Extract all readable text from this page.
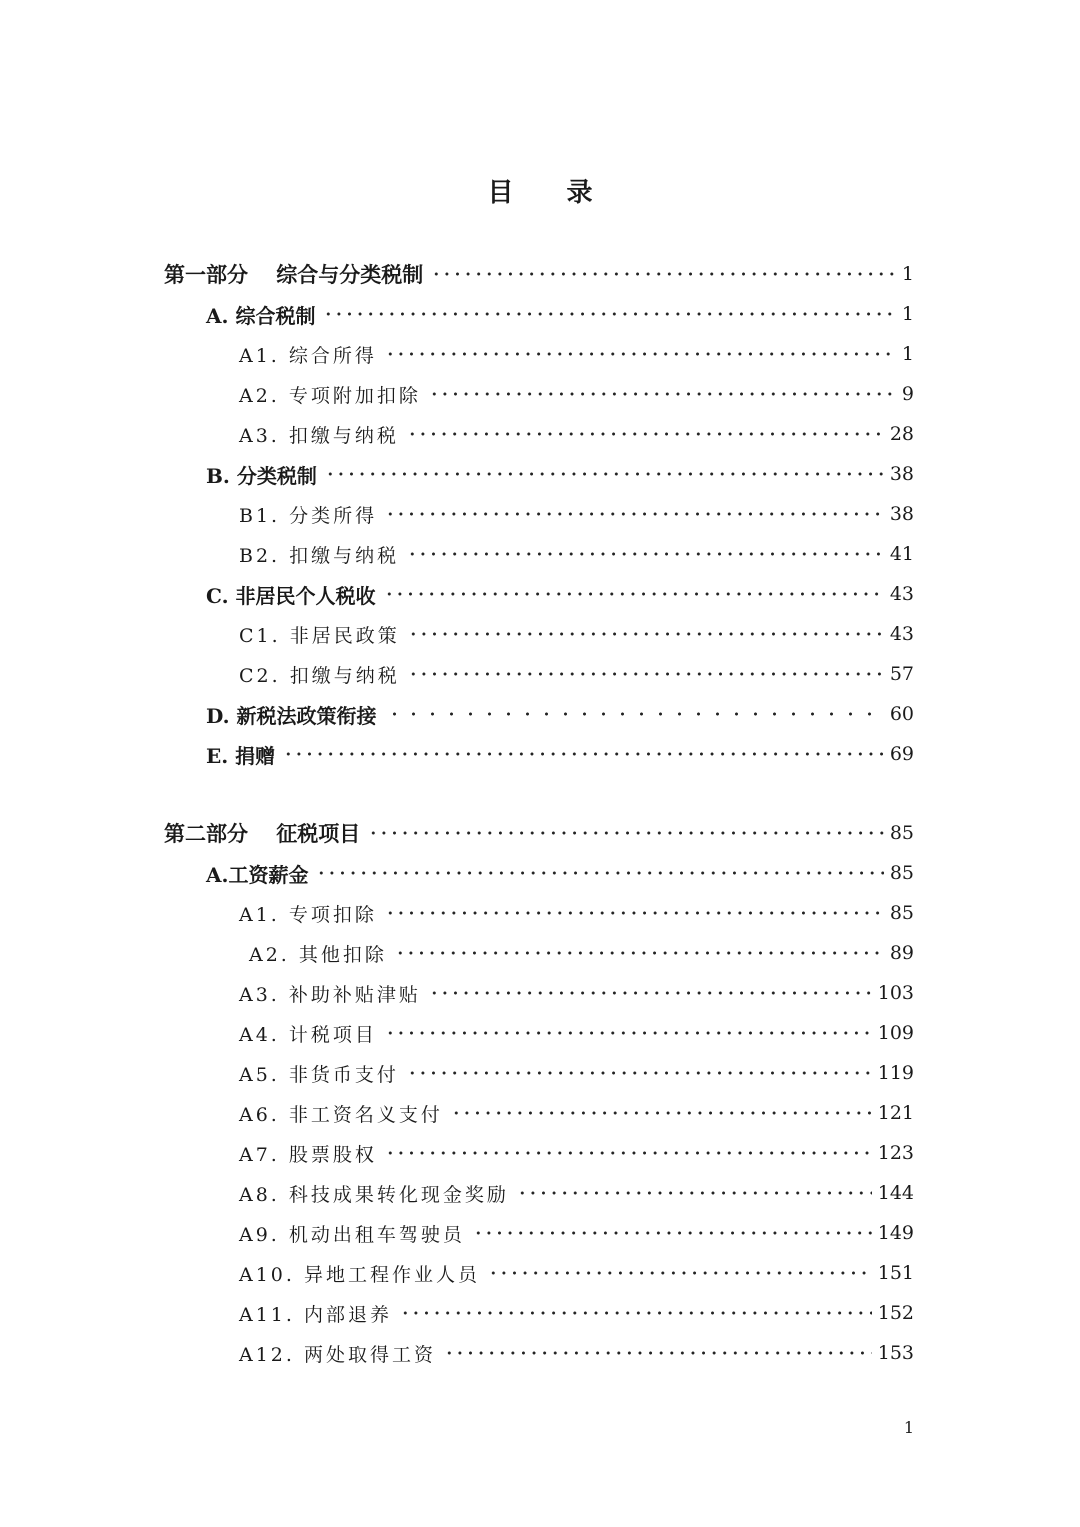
目 录
第一部分　 综合与分类税制	1
A. 综合税制	1
A1. 综合所得	1
A2. 专项附加扣除	9
A3. 扣缴与纳税	28
B. 分类税制	38
B1. 分类所得	38
B2. 扣缴与纳税	41
C. 非居民个人税收	43
C1. 非居民政策	43
C2. 扣缴与纳税	57
D. 新税法政策衔接	60
E. 捐赠	69
第二部分　 征税项目	85
A.工资薪金	85
A1. 专项扣除	85
A2. 其他扣除	89
A3. 补助补贴津贴	103
A4. 计税项目	109
A5. 非货币支付	119
A6. 非工资名义支付	121
A7. 股票股权	123
A8. 科技成果转化现金奖励	144
A9. 机动出租车驾驶员	149
A10. 异地工程作业人员	151
A11. 内部退养	152
A12. 两处取得工资	153
1
